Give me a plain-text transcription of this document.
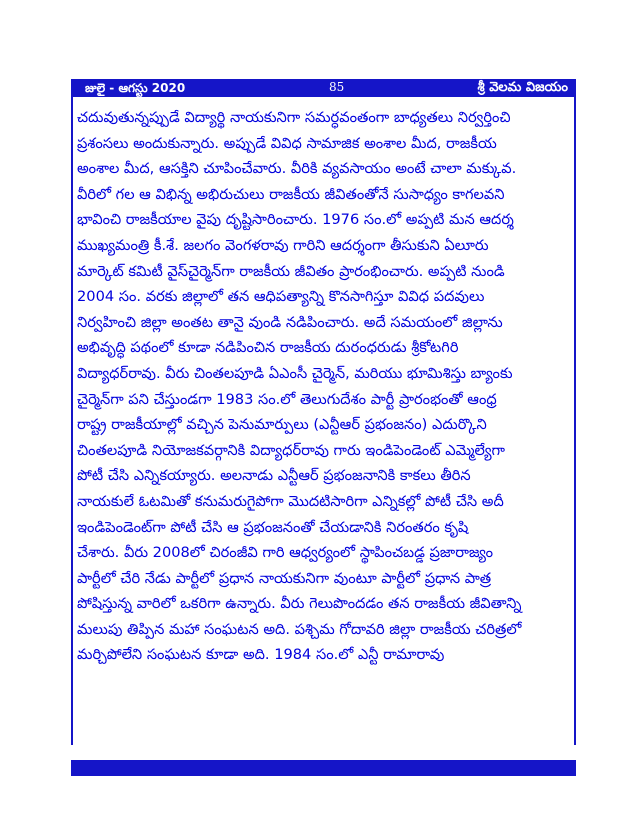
జులై - ఆగస్టు 2020	85	శ్రీ వెలమ విజయం
చదువుతున్నప్పుడే విద్యార్థి నాయకునిగా సమర్ధవంతంగా బాధ్యతలు నిర్వర్తించి
ప్రశంసలు అందుకున్నారు. అప్పుడే వివిధ సామాజిక అంశాల మీద, రాజకీయ
అంశాల మీద, ఆసక్తిని చూపించేవారు. వీరికి వ్యవసాయం అంటే చాలా మక్కువ.
వీరిలో గల ఆ విభిన్న అభిరుచులు రాజకీయ జీవితంతోనే సుసాధ్యం కాగలవని
భావించి రాజకీయాల వైపు దృష్టిసారించారు. 1976 సం.లో అప్పటి మన ఆదర్శ
ముఖ్యమంత్రి కీ.శే. జలగం వెంగళరావు గారిని ఆదర్శంగా తీసుకుని ఏలూరు
మార్కెట్ కమిటీ వైస్‌చైర్మెన్‌గా రాజకీయ జీవితం ప్రారంభించారు. అప్పటి నుండి
2004 సం. వరకు జిల్లాలో తన ఆధిపత్యాన్ని కొనసాగిస్తూ వివిధ పదవులు
నిర్వహించి జిల్లా అంతట తానై వుండి నడిపించారు. అదే సమయంలో జిల్లాను
అభివృద్ధి పథంలో కూడా నడిపించిన రాజకీయ దురంధరుడు శ్రీకోటగిరి
విద్యాధర్‌రావు. వీరు చింతలపూడి ఏఎంసీ చైర్మెన్, మరియు భూమిశిస్తు బ్యాంకు
చైర్మెన్‌గా పని చేస్తుండగా 1983 సం.లో తెలుగుదేశం పార్టీ ప్రారంభంతో ఆంధ్ర
రాష్ట్ర రాజకీయాల్లో వచ్చిన పెనుమార్పులు (ఎన్టీఆర్ ప్రభంజనం) ఎదుర్కొని
చింతలపూడి నియోజకవర్గానికి విద్యాధర్‌రావు గారు ఇండిపెండెంట్ ఎమ్మెల్యేగా
పోటీ చేసి ఎన్నికయ్యారు. అలనాడు ఎన్టీఆర్ ప్రభంజనానికి కాకలు తీరిన
నాయకులే ఓటమితో కనుమరుగైపోగా మొదటిసారిగా ఎన్నికల్లో పోటీ చేసి అదీ
ఇండిపెండెంట్‌గా పోటీ చేసి ఆ ప్రభంజనంతో చేయడానికి నిరంతరం కృషి
చేశారు. వీరు 2008లో చిరంజీవి గారి ఆధ్వర్యంలో స్థాపించబడ్డ ప్రజారాజ్యం
పార్టీలో చేరి నేడు పార్టీలో ప్రధాన నాయకునిగా వుంటూ పార్టీలో ప్రధాన పాత్ర
పోషిస్తున్న వారిలో ఒకరిగా ఉన్నారు. వీరు గెలుపొందడం తన రాజకీయ జీవితాన్ని
మలుపు తిప్పిన మహా సంఘటన అది. పశ్చిమ గోదావరి జిల్లా రాజకీయ చరిత్రలో
మర్చిపోలేని సంఘటన కూడా అది. 1984 సం.లో ఎన్టీ రామారావు
